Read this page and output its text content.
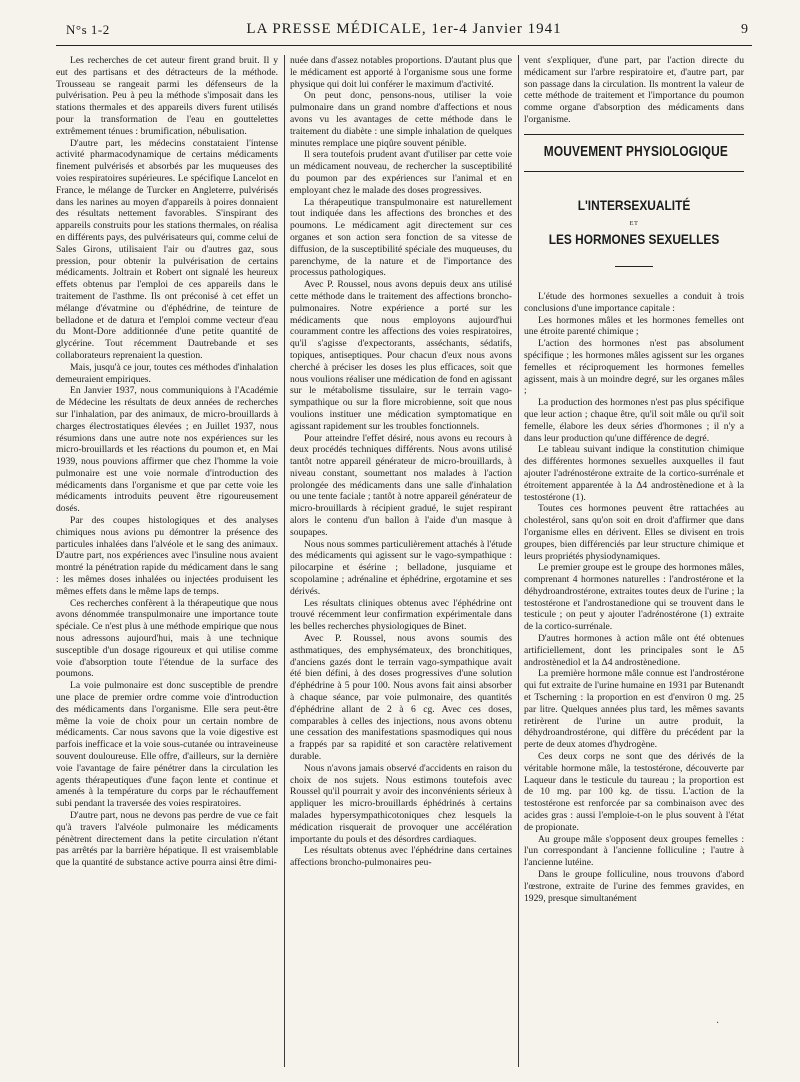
N°s 1-2	LA PRESSE MÉDICALE, 1er-4 Janvier 1941	9

Les recherches de cet auteur firent grand bruit. Il y eut des partisans et des détracteurs de la méthode. Trousseau se rangeait parmi les défenseurs de la pulvérisation. Peu à peu la méthode s'imposait dans les stations thermales et des appareils divers furent utilisés pour la transformation de l'eau en gouttelettes extrêmement ténues : brumification, nébulisation.

D'autre part, les médecins constataient l'intense activité pharmacodynamique de certains médicaments finement pulvérisés et absorbés par les muqueuses des voies respiratoires supérieures. Le spécifique Lancelot en France, le mélange de Turcker en Angleterre, pulvérisés dans les narines au moyen d'appareils à poires donnaient des résultats nettement favorables. S'inspirant des appareils construits pour les stations thermales, on réalisa en différents pays, des pulvérisateurs qui, comme celui de Sales Girons, utilisaient l'air ou d'autres gaz, sous pression, pour obtenir la pulvérisation de certains médicaments. Joltrain et Robert ont signalé les heureux effets obtenus par l'emploi de ces appareils dans le traitement de l'asthme. Ils ont préconisé à cet effet un mélange d'évatmine ou d'éphédrine, de teinture de belladone et de datura et l'emploi comme vecteur d'eau du Mont-Dore additionnée d'une petite quantité de glycérine. Tout récemment Dautrebande et ses collaborateurs reprenaient la question.

Mais, jusqu'à ce jour, toutes ces méthodes d'inhalation demeuraient empiriques.

En Janvier 1937, nous communiquions à l'Académie de Médecine les résultats de deux années de recherches sur l'inhalation, par des animaux, de micro-brouillards à charges électrostatiques élevées ; en Juillet 1937, nous résumions dans une autre note nos expériences sur les micro-brouillards et les réactions du poumon et, en Mai 1939, nous pouvions affirmer que chez l'homme la voie pulmonaire est une voie normale d'introduction des médicaments dans l'organisme et que par cette voie les médicaments introduits peuvent être rigoureusement dosés.

Par des coupes histologiques et des analyses chimiques nous avions pu démontrer la présence des particules inhalées dans l'alvéole et le sang des animaux. D'autre part, nos expériences avec l'insuline nous avaient montré la pénétration rapide du médicament dans le sang : les mêmes doses inhalées ou injectées produisent les mêmes effets dans le même laps de temps.

Ces recherches confèrent à la thérapeutique que nous avons dénommée transpulmonaire une importance toute spéciale. Ce n'est plus à une méthode empirique que nous nous adressons aujourd'hui, mais à une technique susceptible d'un dosage rigoureux et qui utilise comme voie d'absorption toute l'étendue de la surface des poumons.

La voie pulmonaire est donc susceptible de prendre une place de premier ordre comme voie d'introduction des médicaments dans l'organisme. Elle sera peut-être même la voie de choix pour un certain nombre de médicaments. Car nous savons que la voie digestive est parfois inefficace et la voie sous-cutanée ou intraveineuse souvent douloureuse. Elle offre, d'ailleurs, sur la dernière voie l'avantage de faire pénétrer dans la circulation les agents thérapeutiques d'une façon lente et continue et amenés à la température du corps par le réchauffement subi pendant la traversée des voies respiratoires.

D'autre part, nous ne devons pas perdre de vue ce fait qu'à travers l'alvéole pulmonaire les médicaments pénètrent directement dans la petite circulation n'étant pas arrêtés par la barrière hépatique. Il est vraisemblable que la quantité de substance active pourra ainsi être dimi-

nuée dans d'assez notables proportions. D'autant plus que le médicament est apporté à l'organisme sous une forme physique qui doit lui conférer le maximum d'activité.

On peut donc, pensons-nous, utiliser la voie pulmonaire dans un grand nombre d'affections et nous avons vu les avantages de cette méthode dans le traitement du diabète : une simple inhalation de quelques minutes remplace une piqûre souvent pénible.

Il sera toutefois prudent avant d'utiliser par cette voie un médicament nouveau, de rechercher la susceptibilité du poumon par des expériences sur l'animal et en employant chez le malade des doses progressives.

La thérapeutique transpulmonaire est naturellement tout indiquée dans les affections des bronches et des poumons. Le médicament agit directement sur ces organes et son action sera fonction de sa vitesse de diffusion, de la susceptibilité spéciale des muqueuses, du parenchyme, de la nature et de l'importance des processus pathologiques.

Avec P. Roussel, nous avons depuis deux ans utilisé cette méthode dans le traitement des affections broncho-pulmonaires. Notre expérience a porté sur les médicaments que nous employons aujourd'hui couramment contre les affections des voies respiratoires, qu'il s'agisse d'expectorants, asséchants, sédatifs, topiques, antiseptiques. Pour chacun d'eux nous avons cherché à préciser les doses les plus efficaces, soit que nous voulions réaliser une médication de fond en agissant sur le métabolisme tissulaire, sur le terrain vago-sympathique ou sur la flore microbienne, soit que nous voulions instituer une médication symptomatique en agissant rapidement sur les troubles fonctionnels.

Pour atteindre l'effet désiré, nous avons eu recours à deux procédés techniques différents. Nous avons utilisé tantôt notre appareil générateur de micro-brouillards, à niveau constant, soumettant nos malades à l'action prolongée des médicaments dans une salle d'inhalation ou une tente faciale ; tantôt à notre appareil générateur de micro-brouillards à récipient gradué, le sujet respirant alors le contenu d'un ballon à l'aide d'un masque à soupapes.

Nous nous sommes particulièrement attachés à l'étude des médicaments qui agissent sur le vago-sympathique : pilocarpine et ésérine ; belladone, jusquiame et scopolamine ; adrénaline et éphédrine, ergotamine et ses dérivés.

Les résultats cliniques obtenus avec l'éphédrine ont trouvé récemment leur confirmation expérimentale dans les belles recherches physiologiques de Binet.

Avec P. Roussel, nous avons soumis des asthmatiques, des emphysémateux, des bronchitiques, d'anciens gazés dont le terrain vago-sympathique avait été bien défini, à des doses progressives d'une solution d'éphédrine à 5 pour 100. Nous avons fait ainsi absorber à chaque séance, par voie pulmonaire, des quantités d'éphédrine allant de 2 à 6 cg. Avec ces doses, comparables à celles des injections, nous avons obtenu une cessation des manifestations spasmodiques qui nous a frappés par sa rapidité et son caractère relativement durable.

Nous n'avons jamais observé d'accidents en raison du choix de nos sujets. Nous estimons toutefois avec Roussel qu'il pourrait y avoir des inconvénients sérieux à appliquer les micro-brouillards éphédrinés à certains malades hypersympathicotoniques chez lesquels la médication risquerait de provoquer une accélération importante du pouls et des désordres cardiaques.

Les résultats obtenus avec l'éphédrine dans certaines affections broncho-pulmonaires peu-

vent s'expliquer, d'une part, par l'action directe du médicament sur l'arbre respiratoire et, d'autre part, par son passage dans la circulation. Ils montrent la valeur de cette méthode de traitement et l'importance du poumon comme organe d'absorption des médicaments dans l'organisme.

MOUVEMENT PHYSIOLOGIQUE
L'INTERSEXUALITÉ
ET
LES HORMONES SEXUELLES

L'étude des hormones sexuelles a conduit à trois conclusions d'une importance capitale :

Les hormones mâles et les hormones femelles ont une étroite parenté chimique ;

L'action des hormones n'est pas absolument spécifique ; les hormones mâles agissent sur les organes femelles et réciproquement les hormones femelles agissent, mais à un moindre degré, sur les organes mâles ;

La production des hormones n'est pas plus spécifique que leur action ; chaque être, qu'il soit mâle ou qu'il soit femelle, élabore les deux séries d'hormones ; il n'y a dans leur production qu'une différence de degré.

Le tableau suivant indique la constitution chimique des différentes hormones sexuelles auxquelles il faut ajouter l'adrénostérone extraite de la cortico-surrénale et étroitement apparentée à la Δ4 androstènedione et à la testostérone (1).

Toutes ces hormones peuvent être rattachées au cholestérol, sans qu'on soit en droit d'affirmer que dans l'organisme elles en dérivent. Elles se divisent en trois groupes, bien différenciés par leur structure chimique et leurs propriétés physiodynamiques.

Le premier groupe est le groupe des hormones mâles, comprenant 4 hormones naturelles : l'androstérone et la déhydroandrostérone, extraites toutes deux de l'urine ; la testostérone et l'androstanedione qui se trouvent dans le testicule ; on peut y ajouter l'adrénostérone (1) extraite de la cortico-surrénale.

D'autres hormones à action mâle ont été obtenues artificiellement, dont les principales sont le Δ5 androstènediol et la Δ4 androstènedione.

La première hormone mâle connue est l'androstérone qui fut extraite de l'urine humaine en 1931 par Butenandt et Tscherning : la proportion en est d'environ 0 mg. 25 par litre. Quelques années plus tard, les mêmes savants retirèrent de l'urine un autre produit, la déhydroandrostérone, qui diffère du précédent par la perte de deux atomes d'hydrogène.

Ces deux corps ne sont que des dérivés de la véritable hormone mâle, la testostérone, découverte par Laqueur dans le testicule du taureau ; la proportion est de 10 mg. par 100 kg. de tissu. L'action de la testostérone est renforcée par sa combinaison avec des acides gras : aussi l'emploie-t-on le plus souvent à l'état de propionate.

Au groupe mâle s'opposent deux groupes femelles : l'un correspondant à l'ancienne folliculine ; l'autre à l'ancienne lutéine.

Dans le groupe folliculine, nous trouvons d'abord l'œstrone, extraite de l'urine des femmes gravides, en 1929, presque simultanément

·
